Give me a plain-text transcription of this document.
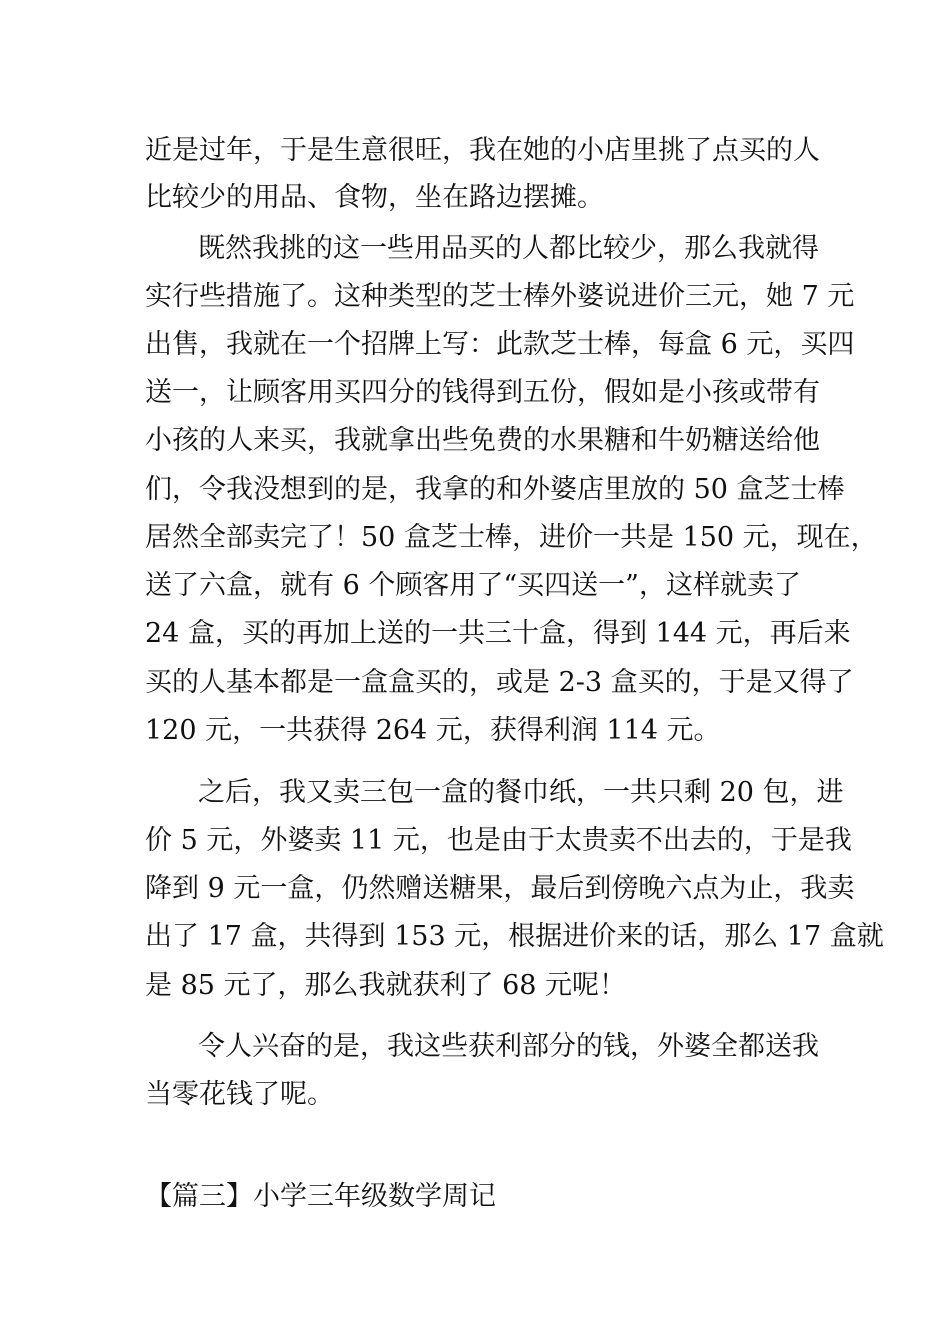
近是过年，于是生意很旺，我在她的小店里挑了点买的人

比较少的用品、食物，坐在路边摆摊。

既然我挑的这一些用品买的人都比较少，那么我就得

实行些措施了。这种类型的芝士棒外婆说进价三元，她 7 元

出售，我就在一个招牌上写：此款芝士棒，每盒 6 元，买四

送一，让顾客用买四分的钱得到五份，假如是小孩或带有

小孩的人来买，我就拿出些免费的水果糖和牛奶糖送给他

们，令我没想到的是，我拿的和外婆店里放的 50 盒芝士棒

居然全部卖完了！50 盒芝士棒，进价一共是 150 元，现在，

送了六盒，就有 6 个顾客用了“买四送一”，这样就卖了

24 盒，买的再加上送的一共三十盒，得到 144 元，再后来

买的人基本都是一盒盒买的，或是 2-3 盒买的，于是又得了

120 元，一共获得 264 元，获得利润 114 元。

之后，我又卖三包一盒的餐巾纸，一共只剩 20 包，进

价 5 元，外婆卖 11 元，也是由于太贵卖不出去的，于是我

降到 9 元一盒，仍然赠送糖果，最后到傍晚六点为止，我卖

出了 17 盒，共得到 153 元，根据进价来的话，那么 17 盒就

是 85 元了，那么我就获利了 68 元呢！

令人兴奋的是，我这些获利部分的钱，外婆全都送我

当零花钱了呢。

【篇三】小学三年级数学周记
